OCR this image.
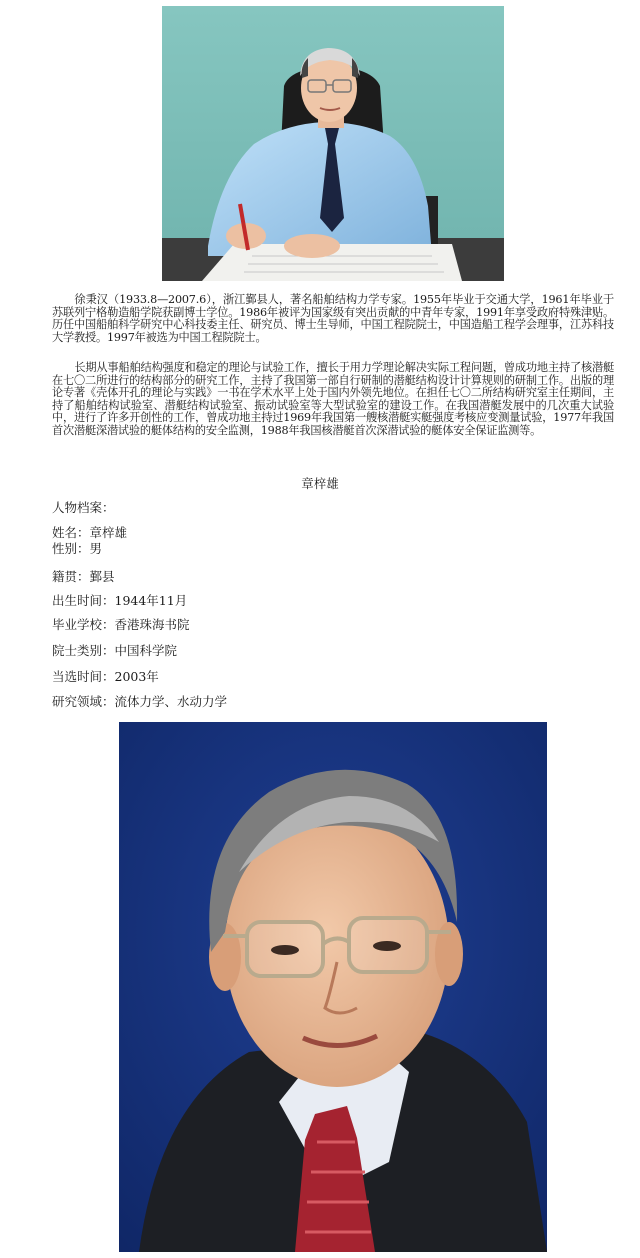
徐秉汉（1933.8—2007.6），浙江鄞县人，著名船舶结构力学专家。1955年毕业于交通大学，1961年毕业于苏联列宁格勒造船学院获副博士学位。1986年被评为国家级有突出贡献的中青年专家，1991年享受政府特殊津贴。历任中国船舶科学研究中心科技委主任、研究员、博士生导师，中国工程院院士，中国造船工程学会理事，江苏科技大学教授。1997年被选为中国工程院院士。

长期从事船舶结构强度和稳定的理论与试验工作，擅长于用力学理论解决实际工程问题，曾成功地主持了核潜艇在七〇二所进行的结构部分的研究工作，主持了我国第一部自行研制的潜艇结构设计计算规则的研制工作。出版的理论专著《壳体开孔的理论与实践》一书在学术水平上处于国内外领先地位。在担任七〇二所结构研究室主任期间，主持了船舶结构试验室、潜艇结构试验室、振动试验室等大型试验室的建设工作。在我国潜艇发展中的几次重大试验中，进行了许多开创性的工作，曾成功地主持过1969年我国第一艘核潜艇实艇强度考核应变测量试验，1977年我国首次潜艇深潜试验的艇体结构的安全监测，1988年我国核潜艇首次深潜试验的艇体安全保证监测等。

章梓雄
人物档案：
姓名：章梓雄
性别：男
籍贯：鄞县
出生时间：1944年11月
毕业学校：香港珠海书院
院士类别：中国科学院
当选时间：2003年
研究领域：流体力学、水动力学
